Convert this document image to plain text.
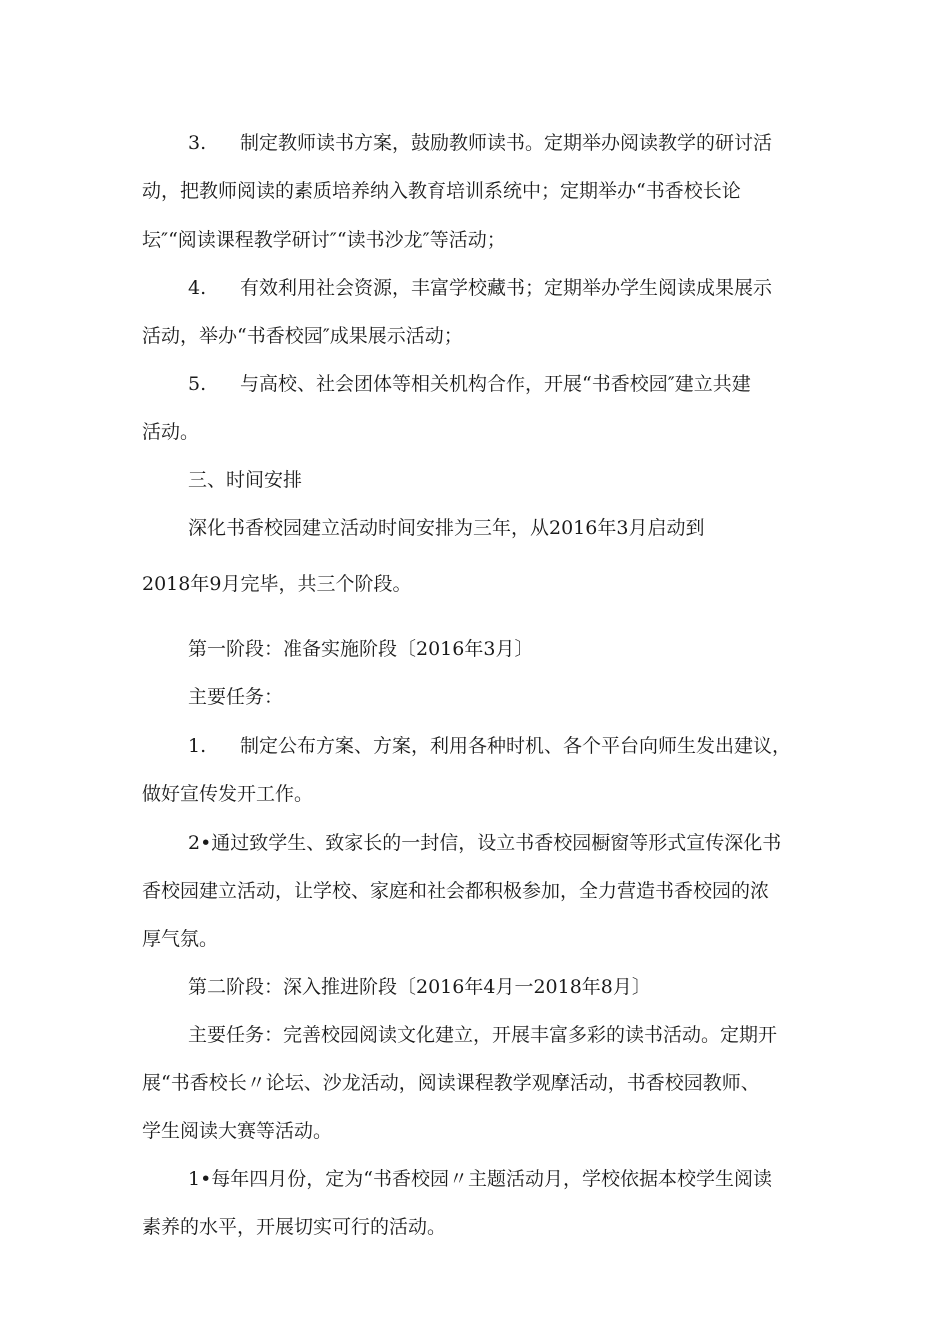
3. 制定教师读书方案，鼓励教师读书。定期举办阅读教学的研讨活
动，把教师阅读的素质培养纳入教育培训系统中；定期举办“书香校长论
坛″“阅读课程教学研讨″“读书沙龙″等活动；
4. 有效利用社会资源，丰富学校藏书；定期举办学生阅读成果展示
活动，举办“书香校园″成果展示活动；
5. 与高校、社会团体等相关机构合作，开展“书香校园″建立共建
活动。
三、时间安排
深化书香校园建立活动时间安排为三年，从2016年3月启动到
2018年9月完毕，共三个阶段。
第一阶段：准备实施阶段〔2016年3月〕
主要任务：
1. 制定公布方案、方案，利用各种时机、各个平台向师生发出建议，
做好宣传发开工作。
2•通过致学生、致家长的一封信，设立书香校园橱窗等形式宣传深化书
香校园建立活动，让学校、家庭和社会都积极参加，全力营造书香校园的浓
厚气氛。
第二阶段：深入推进阶段〔2016年4月一2018年8月〕
主要任务：完善校园阅读文化建立，开展丰富多彩的读书活动。定期开
展“书香校长〃论坛、沙龙活动，阅读课程教学观摩活动，书香校园教师、
学生阅读大赛等活动。
1•每年四月份，定为“书香校园〃主题活动月，学校依据本校学生阅读
素养的水平，开展切实可行的活动。
